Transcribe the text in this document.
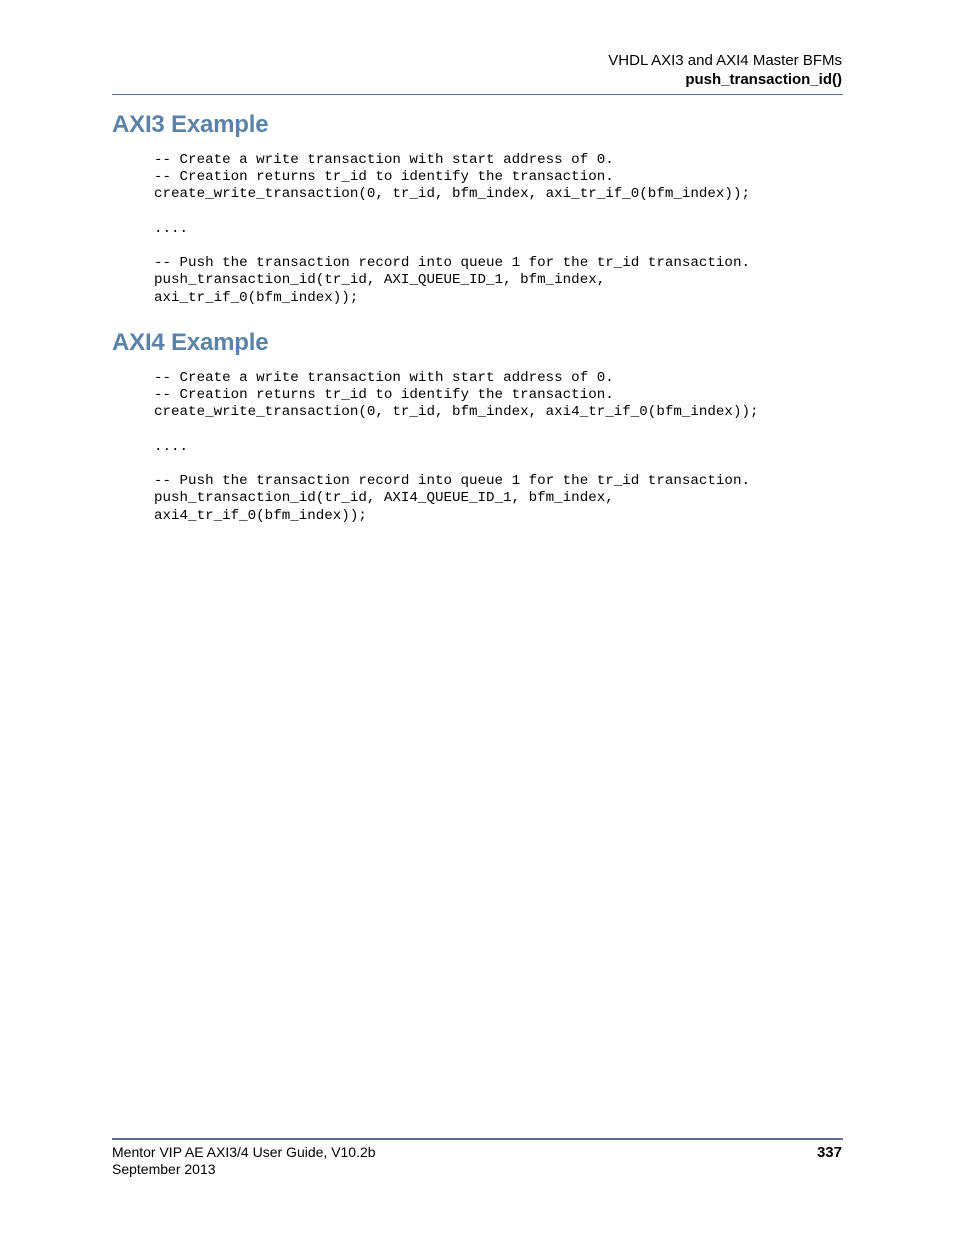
VHDL AXI3 and AXI4 Master BFMs
push_transaction_id()
AXI3 Example
-- Create a write transaction with start address of 0.
-- Creation returns tr_id to identify the transaction.
create_write_transaction(0, tr_id, bfm_index, axi_tr_if_0(bfm_index));

....

-- Push the transaction record into queue 1 for the tr_id transaction.
push_transaction_id(tr_id, AXI_QUEUE_ID_1, bfm_index,
axi_tr_if_0(bfm_index));
AXI4 Example
-- Create a write transaction with start address of 0.
-- Creation returns tr_id to identify the transaction.
create_write_transaction(0, tr_id, bfm_index, axi4_tr_if_0(bfm_index));

....

-- Push the transaction record into queue 1 for the tr_id transaction.
push_transaction_id(tr_id, AXI4_QUEUE_ID_1, bfm_index,
axi4_tr_if_0(bfm_index));
Mentor VIP AE AXI3/4 User Guide, V10.2b
September 2013
337
